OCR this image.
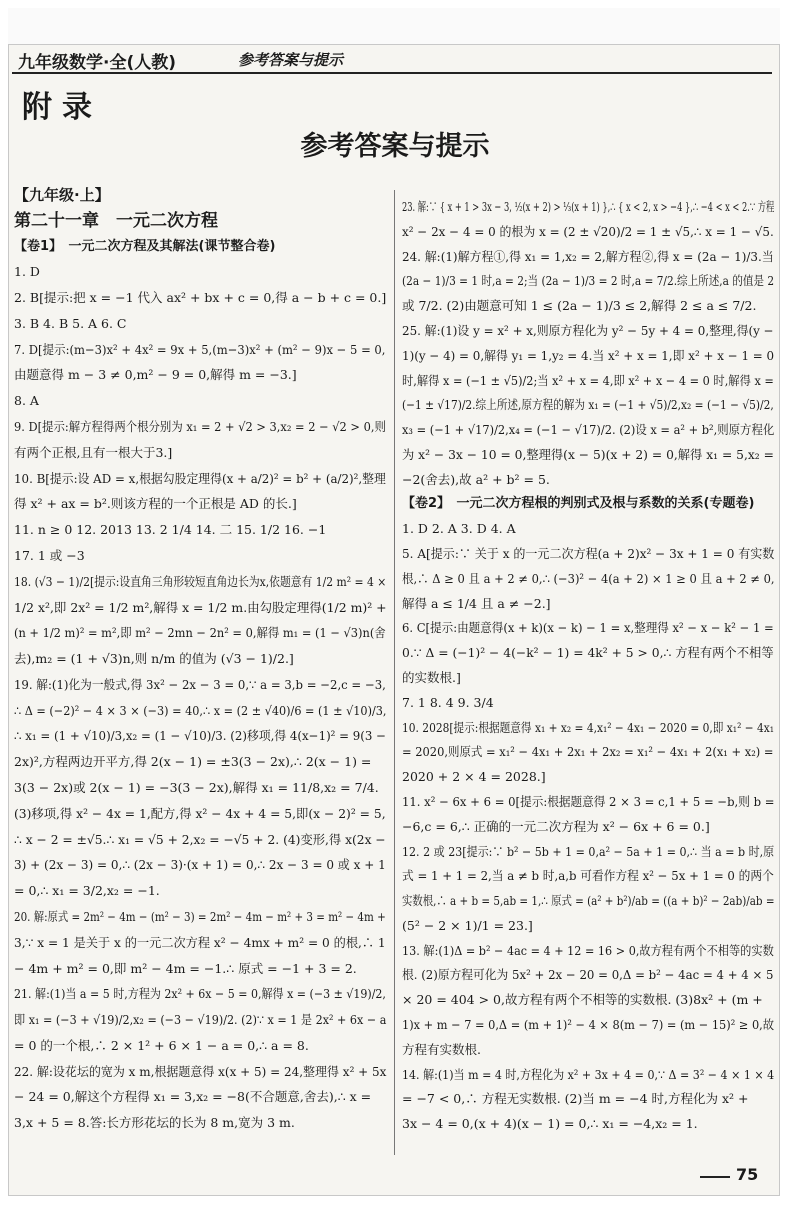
九年级数学·全(人教)	参考答案与提示
附录
参考答案与提示
【九年级·上】
第二十一章　一元二次方程
【卷1】　一元二次方程及其解法(课节整合卷)
1. D
2. B[提示:把 x = −1 代入 ax² + bx + c = 0,得 a − b + c = 0.]
3. B 4. B 5. A 6. C
7. D[提示:(m−3)x² + 4x² = 9x + 5,(m−3)x² + (m² − 9)x − 5 = 0,
由题意得 m − 3 ≠ 0,m² − 9 = 0,解得 m = −3.]
8. A
9. D[提示:解方程得两个根分别为 x₁ = 2 + √2 > 3,x₂ = 2 − √2 > 0,则
有两个正根,且有一根大于3.]
10. B[提示:设 AD = x,根据勾股定理得(x + a/2)² = b² + (a/2)²,整理
得 x² + ax = b².则该方程的一个正根是 AD 的长.]
11. n ≥ 0 12. 2013 13. 2 1/4 14. 二 15. 1/2 16. −1
17. 1 或 −3
18. (√3 − 1)/2[提示:设直角三角形较短直角边长为x,依题意有 1/2 m² = 4 ×
1/2 x²,即 2x² = 1/2 m²,解得 x = 1/2 m.由勾股定理得(1/2 m)² +
(n + 1/2 m)² = m²,即 m² − 2mn − 2n² = 0,解得 m₁ = (1 − √3)n(舍
去),m₂ = (1 + √3)n,则 n/m 的值为 (√3 − 1)/2.]
19. 解:(1)化为一般式,得 3x² − 2x − 3 = 0,∵ a = 3,b = −2,c = −3,
∴ Δ = (−2)² − 4 × 3 × (−3) = 40,∴ x = (2 ± √40)/6 = (1 ± √10)/3,
∴ x₁ = (1 + √10)/3,x₂ = (1 − √10)/3. (2)移项,得 4(x−1)² = 9(3 −
2x)²,方程两边开平方,得 2(x − 1) = ±3(3 − 2x),∴ 2(x − 1) =
3(3 − 2x)或 2(x − 1) = −3(3 − 2x),解得 x₁ = 11/8,x₂ = 7/4.
(3)移项,得 x² − 4x = 1,配方,得 x² − 4x + 4 = 5,即(x − 2)² = 5,
∴ x − 2 = ±√5.∴ x₁ = √5 + 2,x₂ = −√5 + 2. (4)变形,得 x(2x −
3) + (2x − 3) = 0,∴ (2x − 3)·(x + 1) = 0,∴ 2x − 3 = 0 或 x + 1
= 0,∴ x₁ = 3/2,x₂ = −1.
20. 解:原式 = 2m² − 4m − (m² − 3) = 2m² − 4m − m² + 3 = m² − 4m +
3,∵ x = 1 是关于 x 的一元二次方程 x² − 4mx + m² = 0 的根,∴ 1
− 4m + m² = 0,即 m² − 4m = −1.∴ 原式 = −1 + 3 = 2.
21. 解:(1)当 a = 5 时,方程为 2x² + 6x − 5 = 0,解得 x = (−3 ± √19)/2,
即 x₁ = (−3 + √19)/2,x₂ = (−3 − √19)/2. (2)∵ x = 1 是 2x² + 6x − a
= 0 的一个根,∴ 2 × 1² + 6 × 1 − a = 0,∴ a = 8.
22. 解:设花坛的宽为 x m,根据题意得 x(x + 5) = 24,整理得 x² + 5x
− 24 = 0,解这个方程得 x₁ = 3,x₂ = −8(不合题意,舍去),∴ x =
3,x + 5 = 8.答:长方形花坛的长为 8 m,宽为 3 m.
23. 解:∵ { x + 1 > 3x − 3, ½(x + 2) > ⅓(x + 1) },∴ { x < 2, x > −4 },∴ −4 < x < 2.∵ 方程
x² − 2x − 4 = 0 的根为 x = (2 ± √20)/2 = 1 ± √5,∴ x = 1 − √5.
24. 解:(1)解方程①,得 x₁ = 1,x₂ = 2,解方程②,得 x = (2a − 1)/3.当
(2a − 1)/3 = 1 时,a = 2;当 (2a − 1)/3 = 2 时,a = 7/2.综上所述,a 的值是 2
或 7/2. (2)由题意可知 1 ≤ (2a − 1)/3 ≤ 2,解得 2 ≤ a ≤ 7/2.
25. 解:(1)设 y = x² + x,则原方程化为 y² − 5y + 4 = 0,整理,得(y −
1)(y − 4) = 0,解得 y₁ = 1,y₂ = 4.当 x² + x = 1,即 x² + x − 1 = 0
时,解得 x = (−1 ± √5)/2;当 x² + x = 4,即 x² + x − 4 = 0 时,解得 x =
(−1 ± √17)/2.综上所述,原方程的解为 x₁ = (−1 + √5)/2,x₂ = (−1 − √5)/2,
x₃ = (−1 + √17)/2,x₄ = (−1 − √17)/2. (2)设 x = a² + b²,则原方程化
为 x² − 3x − 10 = 0,整理得(x − 5)(x + 2) = 0,解得 x₁ = 5,x₂ =
−2(舍去),故 a² + b² = 5.
【卷2】　一元二次方程根的判别式及根与系数的关系(专题卷)
1. D 2. A 3. D 4. A
5. A[提示:∵ 关于 x 的一元二次方程(a + 2)x² − 3x + 1 = 0 有实数
根,∴ Δ ≥ 0 且 a + 2 ≠ 0,∴ (−3)² − 4(a + 2) × 1 ≥ 0 且 a + 2 ≠ 0,
解得 a ≤ 1/4 且 a ≠ −2.]
6. C[提示:由题意得(x + k)(x − k) − 1 = x,整理得 x² − x − k² − 1 =
0.∵ Δ = (−1)² − 4(−k² − 1) = 4k² + 5 > 0,∴ 方程有两个不相等
的实数根.]
7. 1 8. 4 9. 3/4
10. 2028[提示:根据题意得 x₁ + x₂ = 4,x₁² − 4x₁ − 2020 = 0,即 x₁² − 4x₁
= 2020,则原式 = x₁² − 4x₁ + 2x₁ + 2x₂ = x₁² − 4x₁ + 2(x₁ + x₂) =
2020 + 2 × 4 = 2028.]
11. x² − 6x + 6 = 0[提示:根据题意得 2 × 3 = c,1 + 5 = −b,则 b =
−6,c = 6,∴ 正确的一元二次方程为 x² − 6x + 6 = 0.]
12. 2 或 23[提示:∵ b² − 5b + 1 = 0,a² − 5a + 1 = 0,∴ 当 a = b 时,原
式 = 1 + 1 = 2,当 a ≠ b 时,a,b 可看作方程 x² − 5x + 1 = 0 的两个
实数根,∴ a + b = 5,ab = 1,∴ 原式 = (a² + b²)/ab = ((a + b)² − 2ab)/ab =
(5² − 2 × 1)/1 = 23.]
13. 解:(1)Δ = b² − 4ac = 4 + 12 = 16 > 0,故方程有两个不相等的实数
根. (2)原方程可化为 5x² + 2x − 20 = 0,Δ = b² − 4ac = 4 + 4 × 5
× 20 = 404 > 0,故方程有两个不相等的实数根. (3)8x² + (m +
1)x + m − 7 = 0,Δ = (m + 1)² − 4 × 8(m − 7) = (m − 15)² ≥ 0,故
方程有实数根.
14. 解:(1)当 m = 4 时,方程化为 x² + 3x + 4 = 0,∵ Δ = 3² − 4 × 1 × 4
= −7 < 0,∴ 方程无实数根. (2)当 m = −4 时,方程化为 x² +
3x − 4 = 0,(x + 4)(x − 1) = 0,∴ x₁ = −4,x₂ = 1.
75
